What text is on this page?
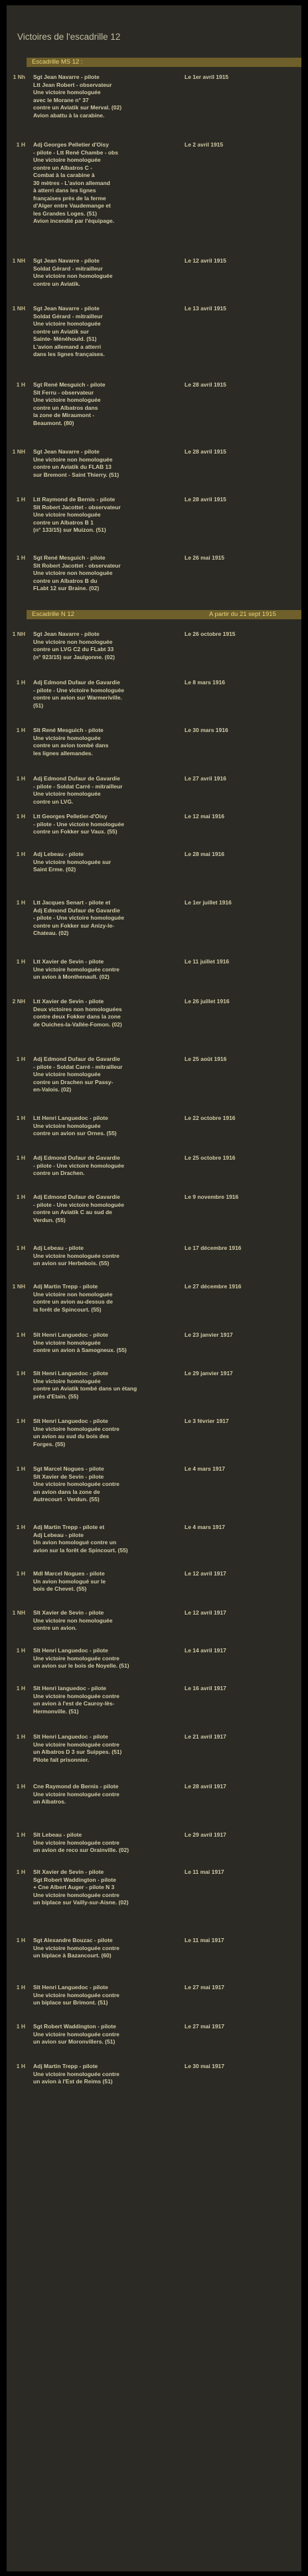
Victoires de l'escadrille 12
Escadrille MS 12 :
Escadrille N 12	A partir du 21 sept 1915
1 Nh Sgt Jean Navarre - pilote
Ltt Jean Robert - observateur
Une victoire homologuée
avec le Morane n° 37
contre un Aviatik sur Merval. (02)
Avion abattu à la carabine.
Le 1er avril 1915
1 H Adj Georges Pelletier d'Oisy
- pilote - Ltt René Chambe - obs
Une victoire homologuée
contre un Albatros C -
Combat à la carabine à
30 mètres - L'avion allemand
à atterri dans les lignes
françaises près de la ferme
d'Alger entre Vaudemange et
les Grandes Loges. (51)
Avion incendié par l'équipage.
Le 2 avril 1915
1 NH Sgt Jean Navarre - pilote
Soldat Gérard - mitrailleur
Une victoire non homologuée
contre un Aviatik.
Le 12 avril 1915
1 NH Sgt Jean Navarre - pilote
Soldat Gérard - mitrailleur
Une victoire homologuée
contre un Aviatik sur
Sainte- Ménéhould. (51)
L'avion allemand a atterri
dans les lignes françaises.
Le 13 avril 1915
1 H Sgt René Mesguich - pilote
Slt Ferru - observateur
Une victoire homologuée
contre un Albatros dans
la zone de Miraumont -
Beaumont. (80)
Le 28 avril 1915
1 NH Sgt Jean Navarre - pilote
Une victoire non homologuée
contre un Aviatik du FLAB 13
sur Bremont - Saint Thierry. (51)
Le 28 avril 1915
1 H Ltt Raymond de Bernis - pilote
Slt Robert Jacottet - observateur
Une victoire homologuée
contre un Albatros B 1
(n° 133/15) sur Muizon. (51)
Le 28 avril 1915
1 H Sgt René Mesguich - pilote
Slt Robert Jacottet - observateur
Une victoire non homologuée
contre un Albatros B du
FLabt 12 sur Braine. (02)
Le 26 mai 1915
1 NH Sgt Jean Navarre - pilote
Une victoire non homologuée
contre un LVG C2 du FLabt 33
(n° 923/15) sur Jaulgonne. (02)
Le 26 octobre 1915
1 H Adj Edmond Dufaur de Gavardie
- pilote - Une victoire homologuée
contre un avion sur Warmeriville.
(51)
Le 8 mars 1916
1 H Slt René Mesguich - pilote
Une victoire homologuée
contre un avion tombé dans
les lignes allemandes.
Le 30 mars 1916
1 H Adj Edmond Dufaur de Gavardie
- pilote - Soldat Carré - mitrailleur
Une victoire homologuée
contre un LVG.
Le 27 avril 1916
1 H Ltt Georges Pelletier-d'Oisy
- pilote - Une victoire homologuée
contre un Fokker sur Vaux. (55)
Le 12 mai 1916
1 H Adj Lebeau - pilote
Une victoire homologuée sur
Saint Erme. (02)
Le 28 mai 1916
1 H Ltt Jacques Senart - pilote et
Adj Edmond Dufaur de Gavardie
- pilote - Une victoire homologuée
contre un Fokker sur Anizy-le-
Chateau. (02)
Le 1er juillet 1916
1 H Ltt Xavier de Sevin - pilote
Une victoire homologuée contre
un avion à Monthenault. (02)
Le 11 juillet 1916
2 NH Ltt Xavier de Sevin - pilote
Deux victoires non homologuées
contre deux Fokker dans la zone
de Ouiches-la-Vallée-Fomon. (02)
Le 26 juillet 1916
1 H Adj Edmond Dufaur de Gavardie
- pilote - Soldat Carré - mitrailleur
Une victoire homologuée
contre un Drachen sur Passy-
en-Valois. (02)
Le 25 août 1916
1 H Ltt Henri Languedoc - pilote
Une victoire homologuée
contre un avion sur Ornes. (55)
Le 22 octobre 1916
1 H Adj Edmond Dufaur de Gavardie
- pilote - Une victoire homologuée
contre un Drachen.
Le 25 octobre 1916
1 H Adj Edmond Dufaur de Gavardie
- pilote - Une victoire homologuée
contre un Aviatik C au sud de
Verdun. (55)
Le 9 novembre 1916
1 H Adj Lebeau - pilote
Une victoire homologuée contre
un avion sur Herbebois. (55)
Le 17 décembre 1916
1 NH Adj Martin Trepp - pilote
Une victoire non homologuée
contre un avion au-dessus de
la forêt de Spincourt. (55)
Le 27 décembre 1916
1 H Slt Henri Languedoc - pilote
Une victoire homologuée
contre un avion à Samogneux. (55)
Le 23 janvier 1917
1 H Slt Henri Languedoc - pilote
Une victoire homologuée
contre un Aviatik tombé dans un étang
près d'Etain. (55)
Le 29 janvier 1917
1 H Slt Henri Languedoc - pilote
Une victoire homologuée contre
un avion au sud du bois des
Forges. (55)
Le 3 février 1917
1 H Sgt Marcel Nogues - pilote
Slt Xavier de Sevin - pilote
Une victoire homologuée contre
un avion dans la zone de
Autrecourt - Verdun. (55)
Le 4 mars 1917
1 H Adj Martin Trepp - pilote et
Adj Lebeau - pilote
Un avion homologué contre un
avion sur la forêt de Spincourt. (55)
Le 4 mars 1917
1 H Mdl Marcel Nogues - pilote
Un avion homologué sur le
bois de Chevet. (55)
Le 12 avril 1917
1 NH Slt Xavier de Sevin - pilote
Une victoire non homologuée
contre un avion.
Le 12 avril 1917
1 H Slt Henri Languedoc - pilote
Une victoire homologuée contre
un avion sur le bois de Noyelle. (51)
Le 14 avril 1917
1 H Slt Henri languedoc - pilote
Une victoire homologuée contre
un avion à l'est de Cauroy-lès-
Hermonville. (51)
Le 16 avril 1917
1 H Slt Henri Languedoc - pilote
Une victoire homologuée contre
un Albatros D 3 sur Suippes. (51)
Pilote fait prisonnier.
Le 21 avril 1917
1 H Cne Raymond de Bernis - pilote
Une victoire homologuée contre
un Albatros.
Le 28 avril 1917
1 H Slt Lebeau - pilote
Une victoire homologuée contre
un avion de reco sur Orainville. (02)
Le 29 avril 1917
1 H Slt Xavier de Sevin - pilote
Sgt Robert Waddington - pilote
+ Cne Albert Auger - pilote N 3
Une victoire homologuée contre
un biplace sur Vailly-sur-Aisne. (02)
Le 11 mai 1917
1 H Sgt Alexandre Bouzac - pilote
Une victoire homologuée contre
un biplace à Bazancourt. (60)
Le 11 mai 1917
1 H Slt Henri Languedoc - pilote
Une victoire homologuée contre
un biplace sur Brimont. (51)
Le 27 mai 1917
1 H Sgt Robert Waddington - pilote
Une victoire homologuée contre
un avion sur Moronvillers. (51)
Le 27 mai 1917
1 H Adj Martin Trepp - pilote
Une victoire homologuée contre
un avion à l'Est de Reims (51)
Le 30 mai 1917
